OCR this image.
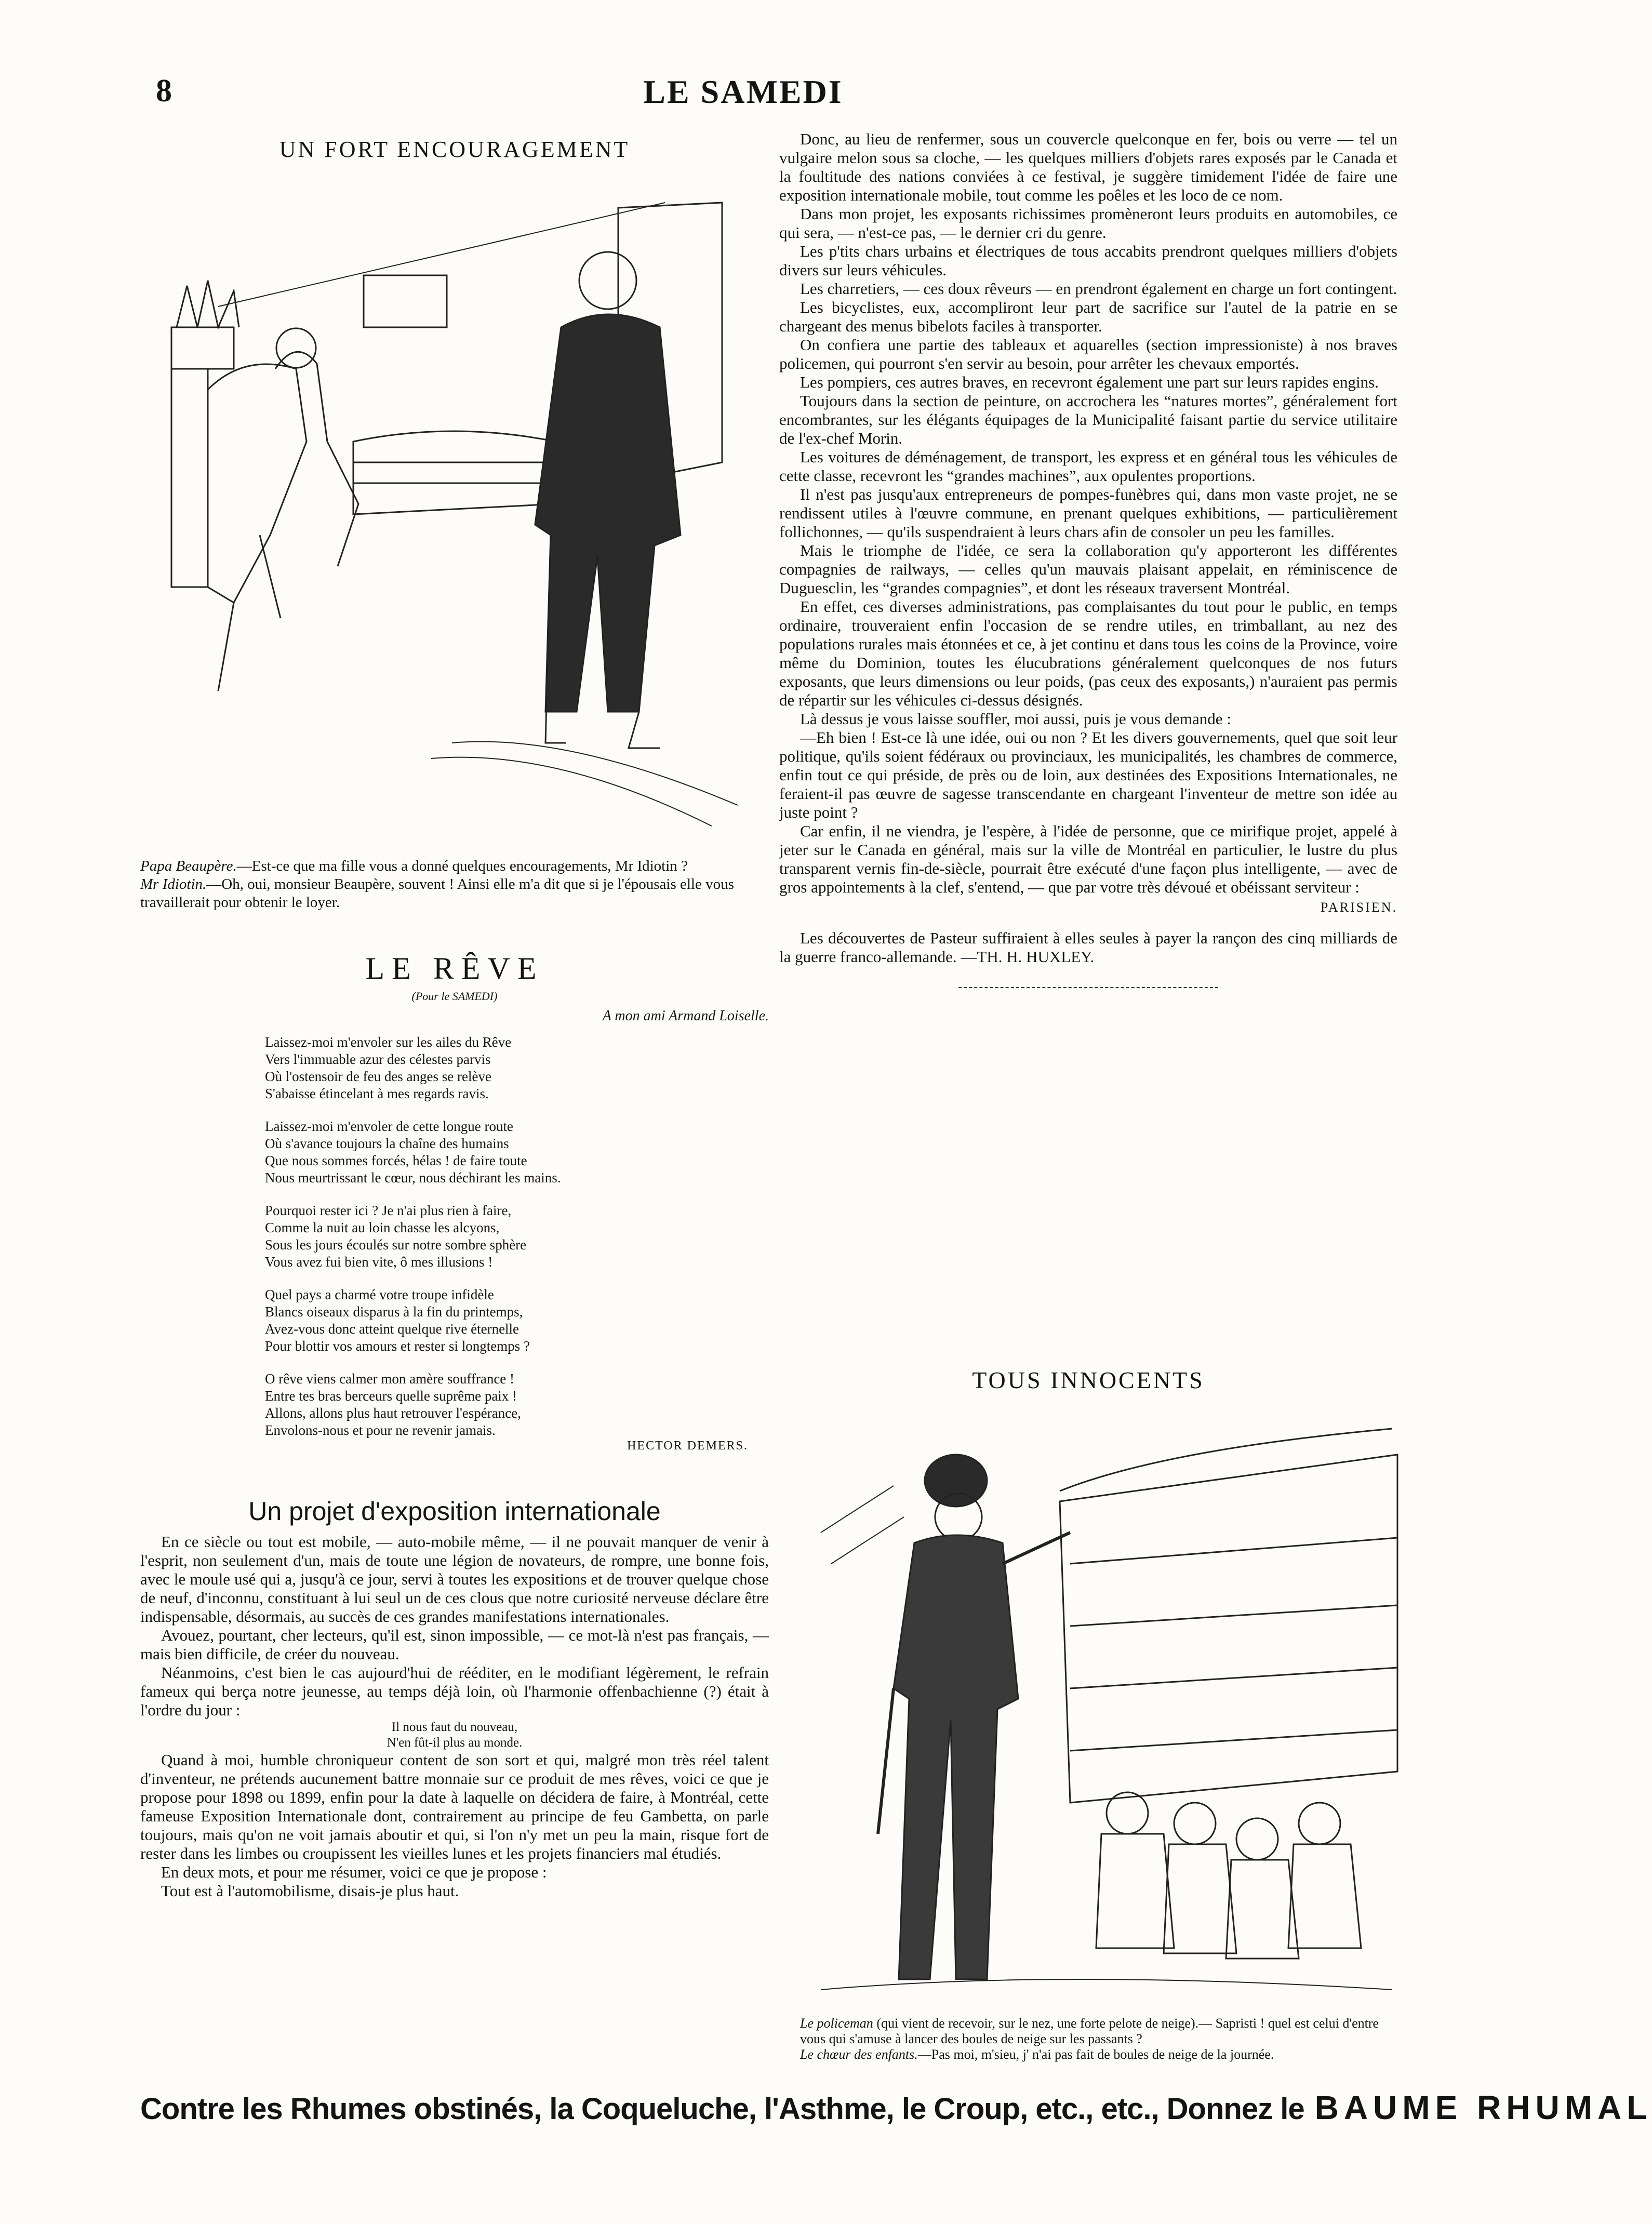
LE SAMEDI
8
UN FORT ENCOURAGEMENT
Papa Beaupère.—Est-ce que ma fille vous a donné quelques encouragements, Mr Idiotin ?
Mr Idiotin.—Oh, oui, monsieur Beaupère, souvent ! Ainsi elle m'a dit que si je l'épousais elle vous travaillerait pour obtenir le loyer.
LE RÊVE
(Pour le SAMEDI)
A mon ami Armand Loiselle.
Laissez-moi m'envoler sur les ailes du Rêve
Vers l'immuable azur des célestes parvis
Où l'ostensoir de feu des anges se relève
S'abaisse étincelant à mes regards ravis.
Laissez-moi m'envoler de cette longue route
Où s'avance toujours la chaîne des humains
Que nous sommes forcés, hélas ! de faire toute
Nous meurtrissant le cœur, nous déchirant les mains.
Pourquoi rester ici ? Je n'ai plus rien à faire,
Comme la nuit au loin chasse les alcyons,
Sous les jours écoulés sur notre sombre sphère
Vous avez fui bien vite, ô mes illusions !
Quel pays a charmé votre troupe infidèle
Blancs oiseaux disparus à la fin du printemps,
Avez-vous donc atteint quelque rive éternelle
Pour blottir vos amours et rester si longtemps ?
O rêve viens calmer mon amère souffrance !
Entre tes bras berceurs quelle suprême paix !
Allons, allons plus haut retrouver l'espérance,
Envolons-nous et pour ne revenir jamais.
HECTOR DEMERS.
Un projet d'exposition internationale

En ce siècle ou tout est mobile, — auto-mobile même, — il ne pouvait manquer de venir à l'esprit, non seulement d'un, mais de toute une légion de novateurs, de rompre, une bonne fois, avec le moule usé qui a, jusqu'à ce jour, servi à toutes les expositions et de trouver quelque chose de neuf, d'inconnu, constituant à lui seul un de ces clous que notre curiosité nerveuse déclare être indispensable, désormais, au succès de ces grandes manifestations internationales.

Avouez, pourtant, cher lecteurs, qu'il est, sinon impossible, — ce mot-là n'est pas français, — mais bien difficile, de créer du nouveau.

Néanmoins, c'est bien le cas aujourd'hui de rééditer, en le modifiant légèrement, le refrain fameux qui berça notre jeunesse, au temps déjà loin, où l'harmonie offenbachienne (?) était à l'ordre du jour :

Il nous faut du nouveau,
N'en fût-il plus au monde.

Quand à moi, humble chroniqueur content de son sort et qui, malgré mon très réel talent d'inventeur, ne prétends aucunement battre monnaie sur ce produit de mes rêves, voici ce que je propose pour 1898 ou 1899, enfin pour la date à laquelle on décidera de faire, à Montréal, cette fameuse Exposition Internationale dont, contrairement au principe de feu Gambetta, on parle toujours, mais qu'on ne voit jamais aboutir et qui, si l'on n'y met un peu la main, risque fort de rester dans les limbes ou croupissent les vieilles lunes et les projets financiers mal étudiés.

En deux mots, et pour me résumer, voici ce que je propose :

Tout est à l'automobilisme, disais-je plus haut.

Donc, au lieu de renfermer, sous un couvercle quelconque en fer, bois ou verre — tel un vulgaire melon sous sa cloche, — les quelques milliers d'objets rares exposés par le Canada et la foultitude des nations conviées à ce festival, je suggère timidement l'idée de faire une exposition internationale mobile, tout comme les poêles et les loco de ce nom.

Dans mon projet, les exposants richissimes promèneront leurs produits en automobiles, ce qui sera, — n'est-ce pas, — le dernier cri du genre.

Les p'tits chars urbains et électriques de tous accabits prendront quelques milliers d'objets divers sur leurs véhicules.

Les charretiers, — ces doux rêveurs — en prendront également en charge un fort contingent.

Les bicyclistes, eux, accompliront leur part de sacrifice sur l'autel de la patrie en se chargeant des menus bibelots faciles à transporter.

On confiera une partie des tableaux et aquarelles (section impressioniste) à nos braves policemen, qui pourront s'en servir au besoin, pour arrêter les chevaux emportés.

Les pompiers, ces autres braves, en recevront également une part sur leurs rapides engins.

Toujours dans la section de peinture, on accrochera les “natures mortes”, généralement fort encombrantes, sur les élégants équipages de la Municipalité faisant partie du service utilitaire de l'ex-chef Morin.

Les voitures de déménagement, de transport, les express et en général tous les véhicules de cette classe, recevront les “grandes machines”, aux opulentes proportions.

Il n'est pas jusqu'aux entrepreneurs de pompes-funèbres qui, dans mon vaste projet, ne se rendissent utiles à l'œuvre commune, en prenant quelques exhibitions, — particulièrement follichonnes, — qu'ils suspendraient à leurs chars afin de consoler un peu les familles.

Mais le triomphe de l'idée, ce sera la collaboration qu'y apporteront les différentes compagnies de railways, — celles qu'un mauvais plaisant appelait, en réminiscence de Duguesclin, les “grandes compagnies”, et dont les réseaux traversent Montréal.

En effet, ces diverses administrations, pas complaisantes du tout pour le public, en temps ordinaire, trouveraient enfin l'occasion de se rendre utiles, en trimballant, au nez des populations rurales mais étonnées et ce, à jet continu et dans tous les coins de la Province, voire même du Dominion, toutes les élucubrations généralement quelconques de nos futurs exposants, que leurs dimensions ou leur poids, (pas ceux des exposants,) n'auraient pas permis de répartir sur les véhicules ci-dessus désignés.

Là dessus je vous laisse souffler, moi aussi, puis je vous demande :

—Eh bien ! Est-ce là une idée, oui ou non ? Et les divers gouvernements, quel que soit leur politique, qu'ils soient fédéraux ou provinciaux, les municipalités, les chambres de commerce, enfin tout ce qui préside, de près ou de loin, aux destinées des Expositions Internationales, ne feraient-il pas œuvre de sagesse transcendante en chargeant l'inventeur de mettre son idée au juste point ?

Car enfin, il ne viendra, je l'espère, à l'idée de personne, que ce mirifique projet, appelé à jeter sur le Canada en général, mais sur la ville de Montréal en particulier, le lustre du plus transparent vernis fin-de-siècle, pourrait être exécuté d'une façon plus intelligente, — avec de gros appointements à la clef, s'entend, — que par votre très dévoué et obéissant serviteur :

PARISIEN.

Les découvertes de Pasteur suffiraient à elles seules à payer la rançon des cinq milliards de la guerre franco-allemande. —TH. H. HUXLEY.

TOUS INNOCENTS
Le policeman (qui vient de recevoir, sur le nez, une forte pelote de neige).— Sapristi ! quel est celui d'entre vous qui s'amuse à lancer des boules de neige sur les passants ?
Le chœur des enfants.—Pas moi, m'sieu, j' n'ai pas fait de boules de neige de la journée.
Contre les Rhumes obstinés, la Coqueluche, l'Asthme, le Croup, etc., etc., Donnez le BAUME RHUMAL
